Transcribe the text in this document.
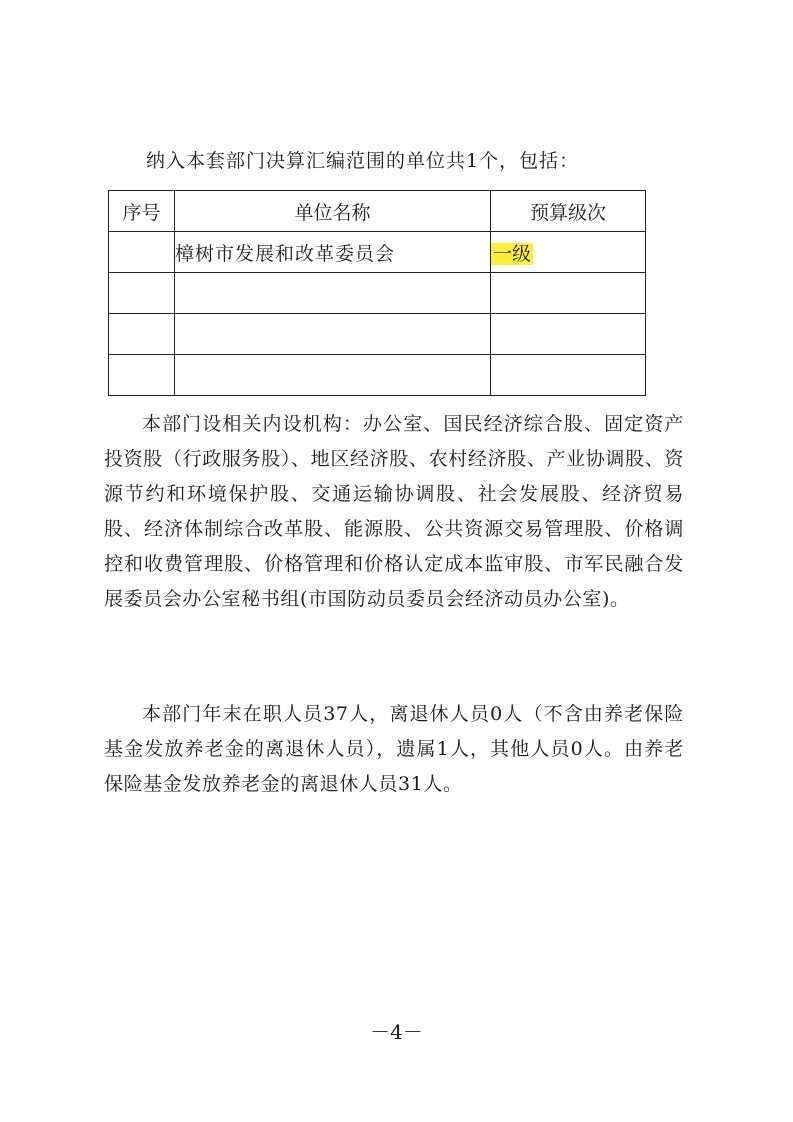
纳入本套部门决算汇编范围的单位共1个，包括：
序号	单位名称	预算级次
	樟树市发展和改革委员会	一级

本部门设相关内设机构：办公室、国民经济综合股、固定资产投资股（行政服务股）、地区经济股、农村经济股、产业协调股、资源节约和环境保护股、交通运输协调股、社会发展股、经济贸易股、经济体制综合改革股、能源股、公共资源交易管理股、价格调控和收费管理股、价格管理和价格认定成本监审股、市军民融合发展委员会办公室秘书组(市国防动员委员会经济动员办公室)。
本部门年末在职人员37人，离退休人员0人（不含由养老保险基金发放养老金的离退休人员），遗属1人，其他人员0人。由养老保险基金发放养老金的离退休人员31人。
－4－
